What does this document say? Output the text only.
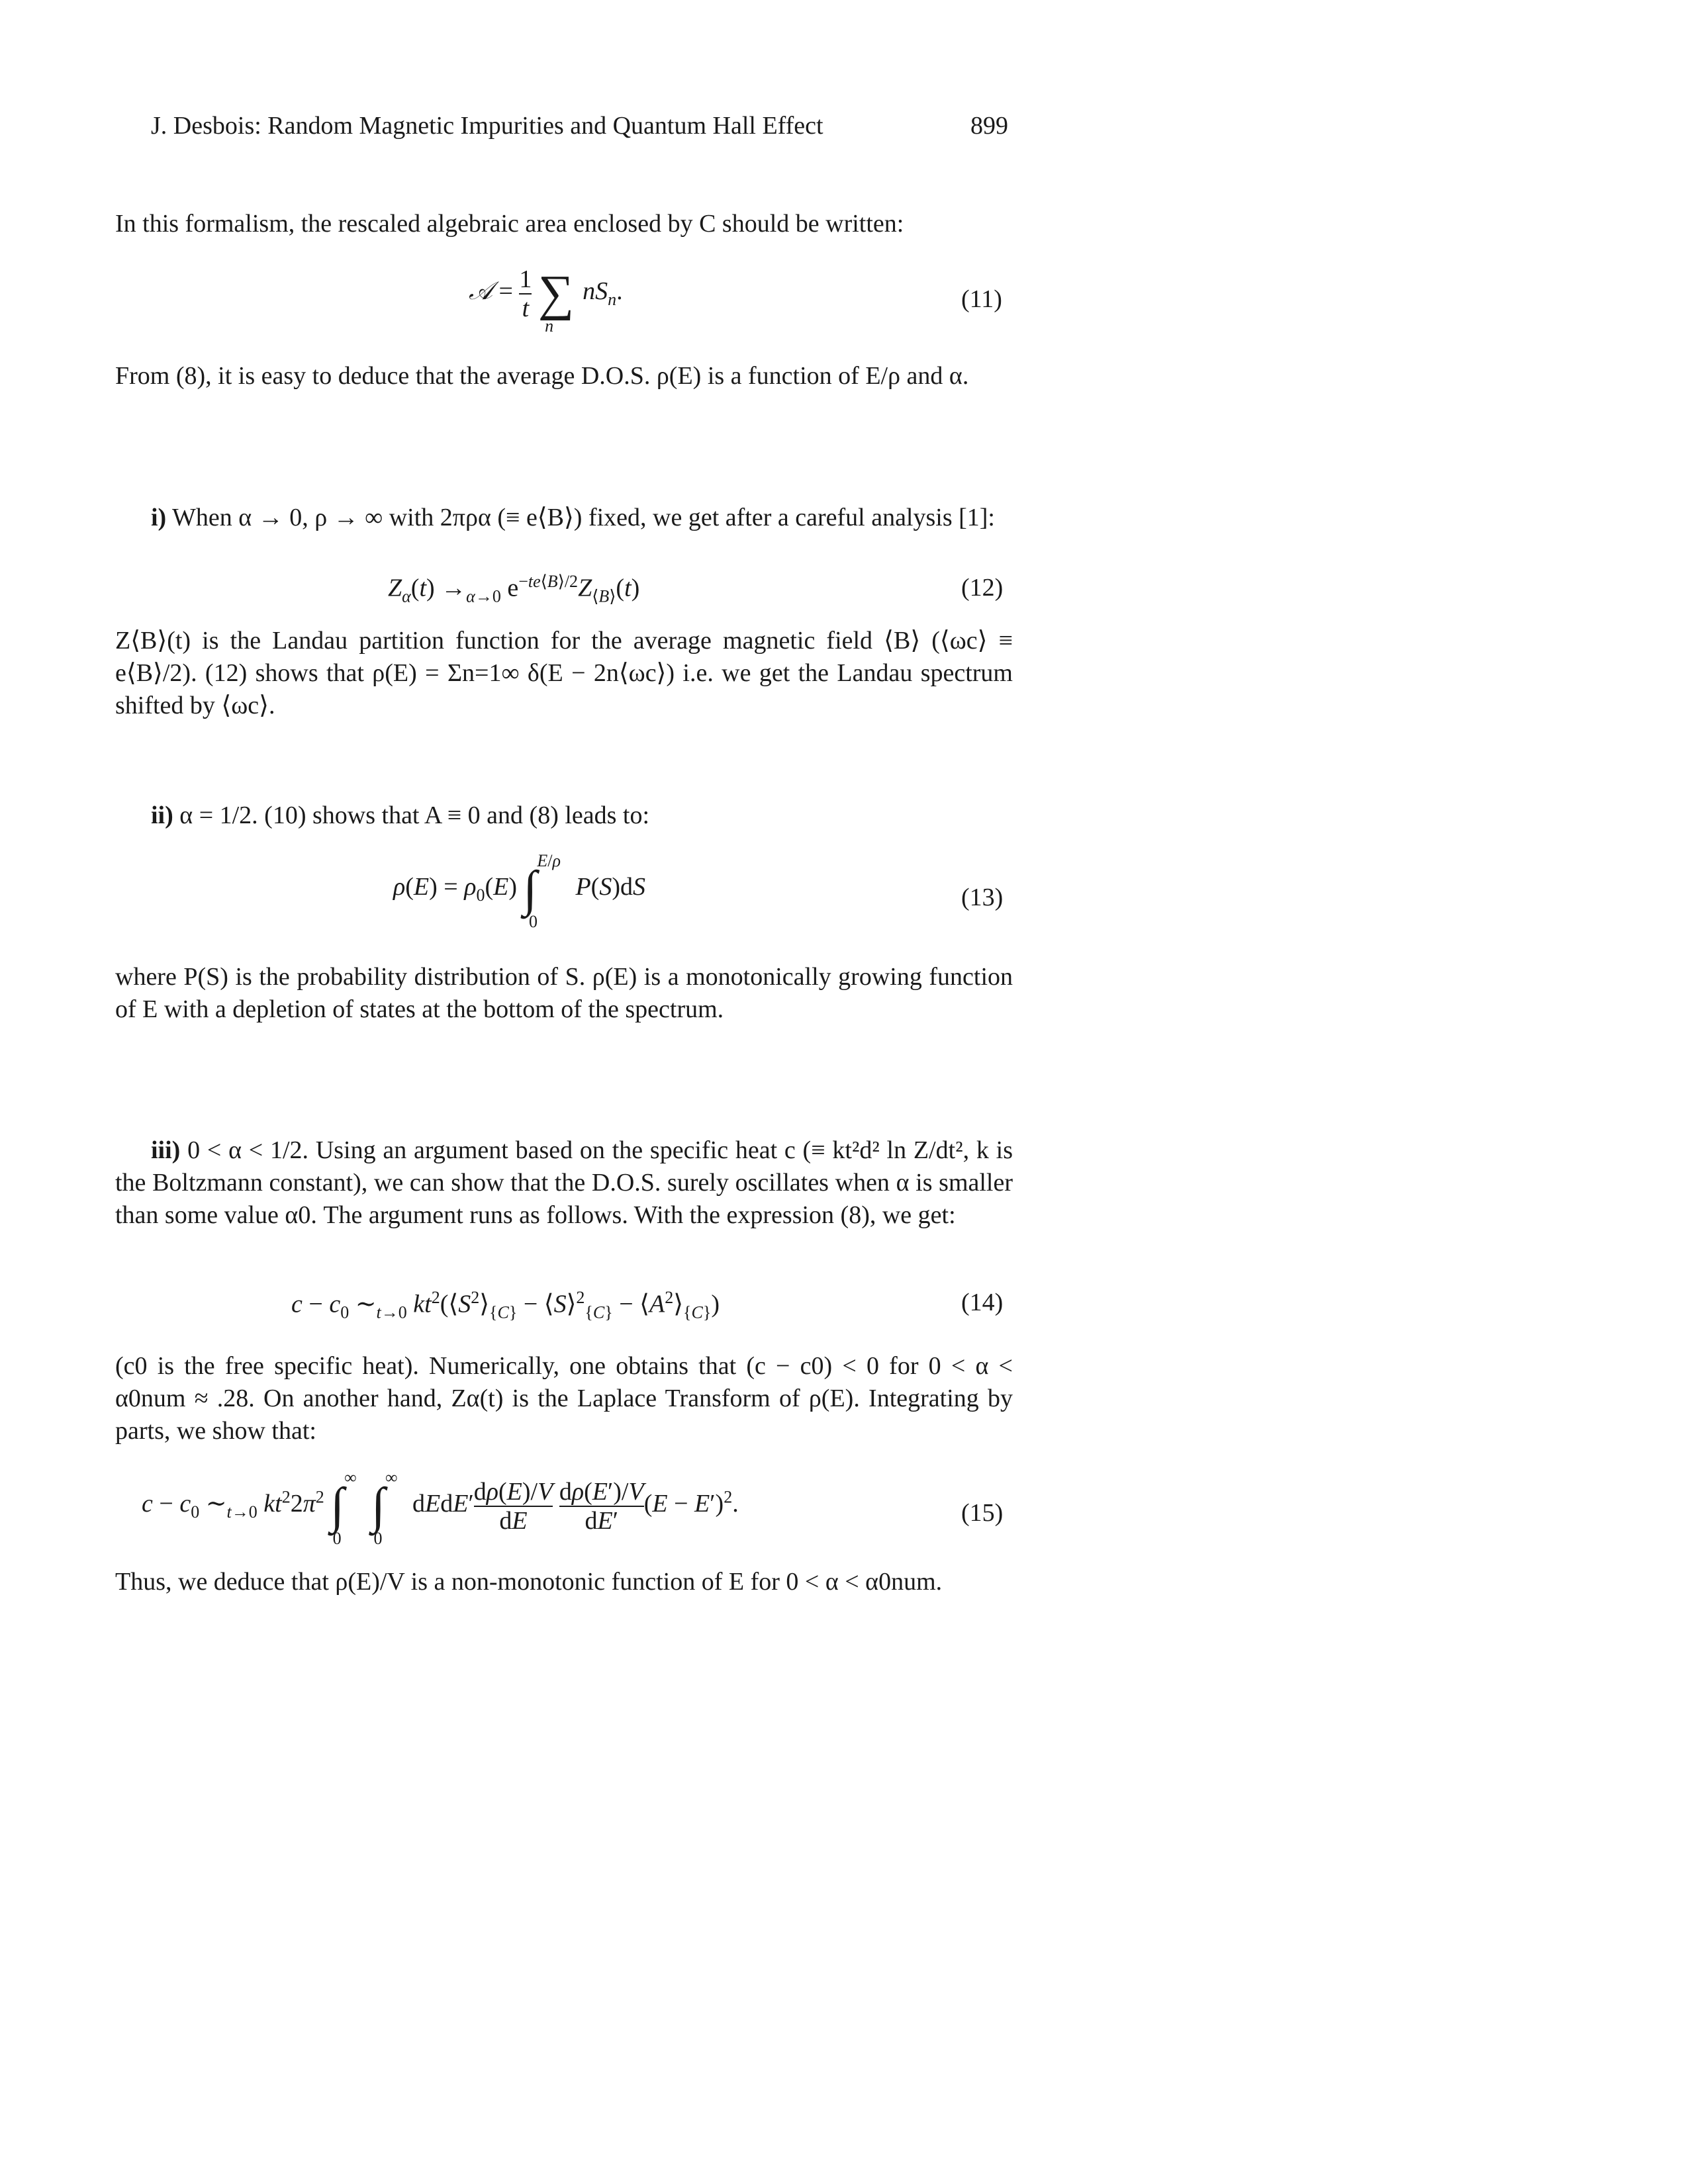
J. Desbois: Random Magnetic Impurities and Quantum Hall Effect	899
In this formalism, the rescaled algebraic area enclosed by C should be written:
𝒜 = $\frac{1}{t} \sum_nnS_n$.	(11)
From (8), it is easy to deduce that the average D.O.S. ρ(E) is a function of E/ρ and α.
i) When α → 0, ρ → ∞ with 2πρα (≡ e⟨B⟩) fixed, we get after a careful analysis [1]:
$Z_\alpha(t) \to_{\alpha\to 0}$ $e^{-te⟨B⟩/2}Z_{⟨B⟩}(t)$	(12)
Z⟨B⟩(t) is the Landau partition function for the average magnetic field ⟨B⟩ (⟨ωc⟩ ≡ e⟨B⟩/2). (12) shows that ρ(E) = Σn=1∞ δ(E − 2n⟨ωc⟩) i.e. we get the Landau spectrum shifted by ⟨ωc⟩.
ii) α = 1/2. (10) shows that A ≡ 0 and (8) leads to:
$\rho(E) = \rho_0(E)$ ∫$^{E/\rho}_0$ P(S)dS	(13)
where P(S) is the probability distribution of S. ρ(E) is a monotonically growing function of E with a depletion of states at the bottom of the spectrum.
iii) 0 < α < 1/2. Using an argument based on the specific heat c (≡ kt²d² ln Z/dt², k is the Boltzmann constant), we can show that the D.O.S. surely oscillates when α is smaller than some value α0. The argument runs as follows. With the expression (8), we get:
$c - c_0$ $\sim_{t\to 0}$ $kt^2(⟨S^2⟩_{\{C\}}$ − ⟨S⟩$^2_{\{C\}}$ − $⟨A^2⟩_{\{C\}}$)	(14)
(c0 is the free specific heat). Numerically, one obtains that (c − c0) < 0 for 0 < α < α0num ≈ .28. On another hand, Zα(t) is the Laplace Transform of ρ(E). Integrating by parts, we show that:
$c - c_0$ $\sim_{t\to 0}$ $kt^22\pi^2$ $\int^\infty_0$ $\int^\infty_0$ dEdE′ $\frac{d\rho(E)/V}{dE}$
$\frac{d\rho(E')/V}{dE'} (E - E')^2$.	(15)
Thus, we deduce that ρ(E)/V is a non-monotonic function of E for 0 < α < α0num.
